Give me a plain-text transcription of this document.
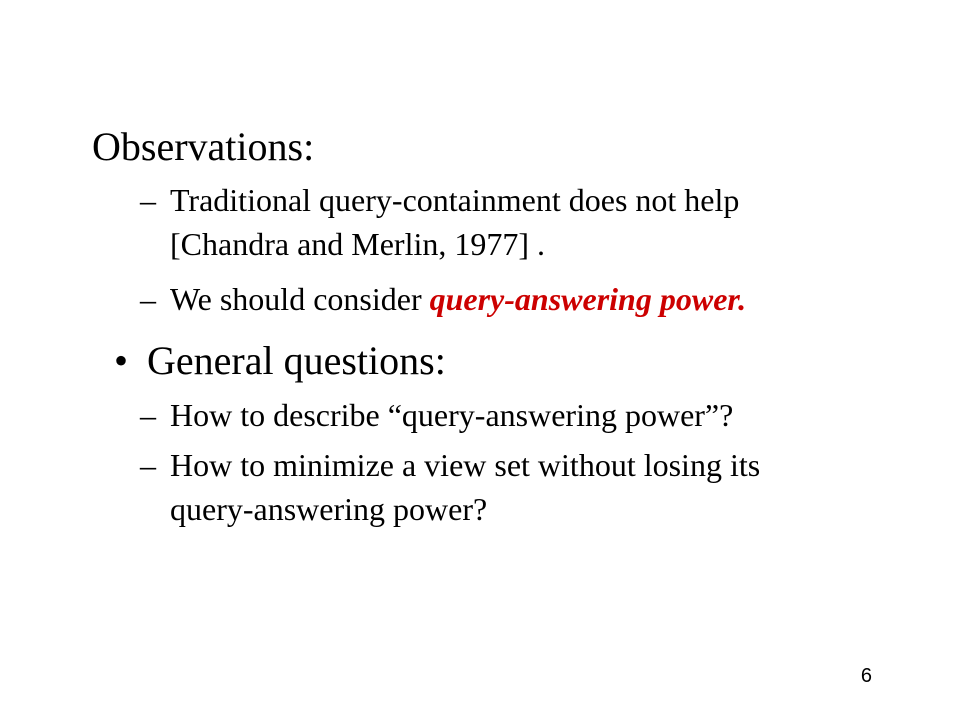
Observations:
– Traditional query-containment does not help
[Chandra and Merlin, 1977] .
– We should consider query-answering power.
• General questions:
– How to describe “query-answering power”?
– How to minimize a view set without losing its
query-answering power?
6
